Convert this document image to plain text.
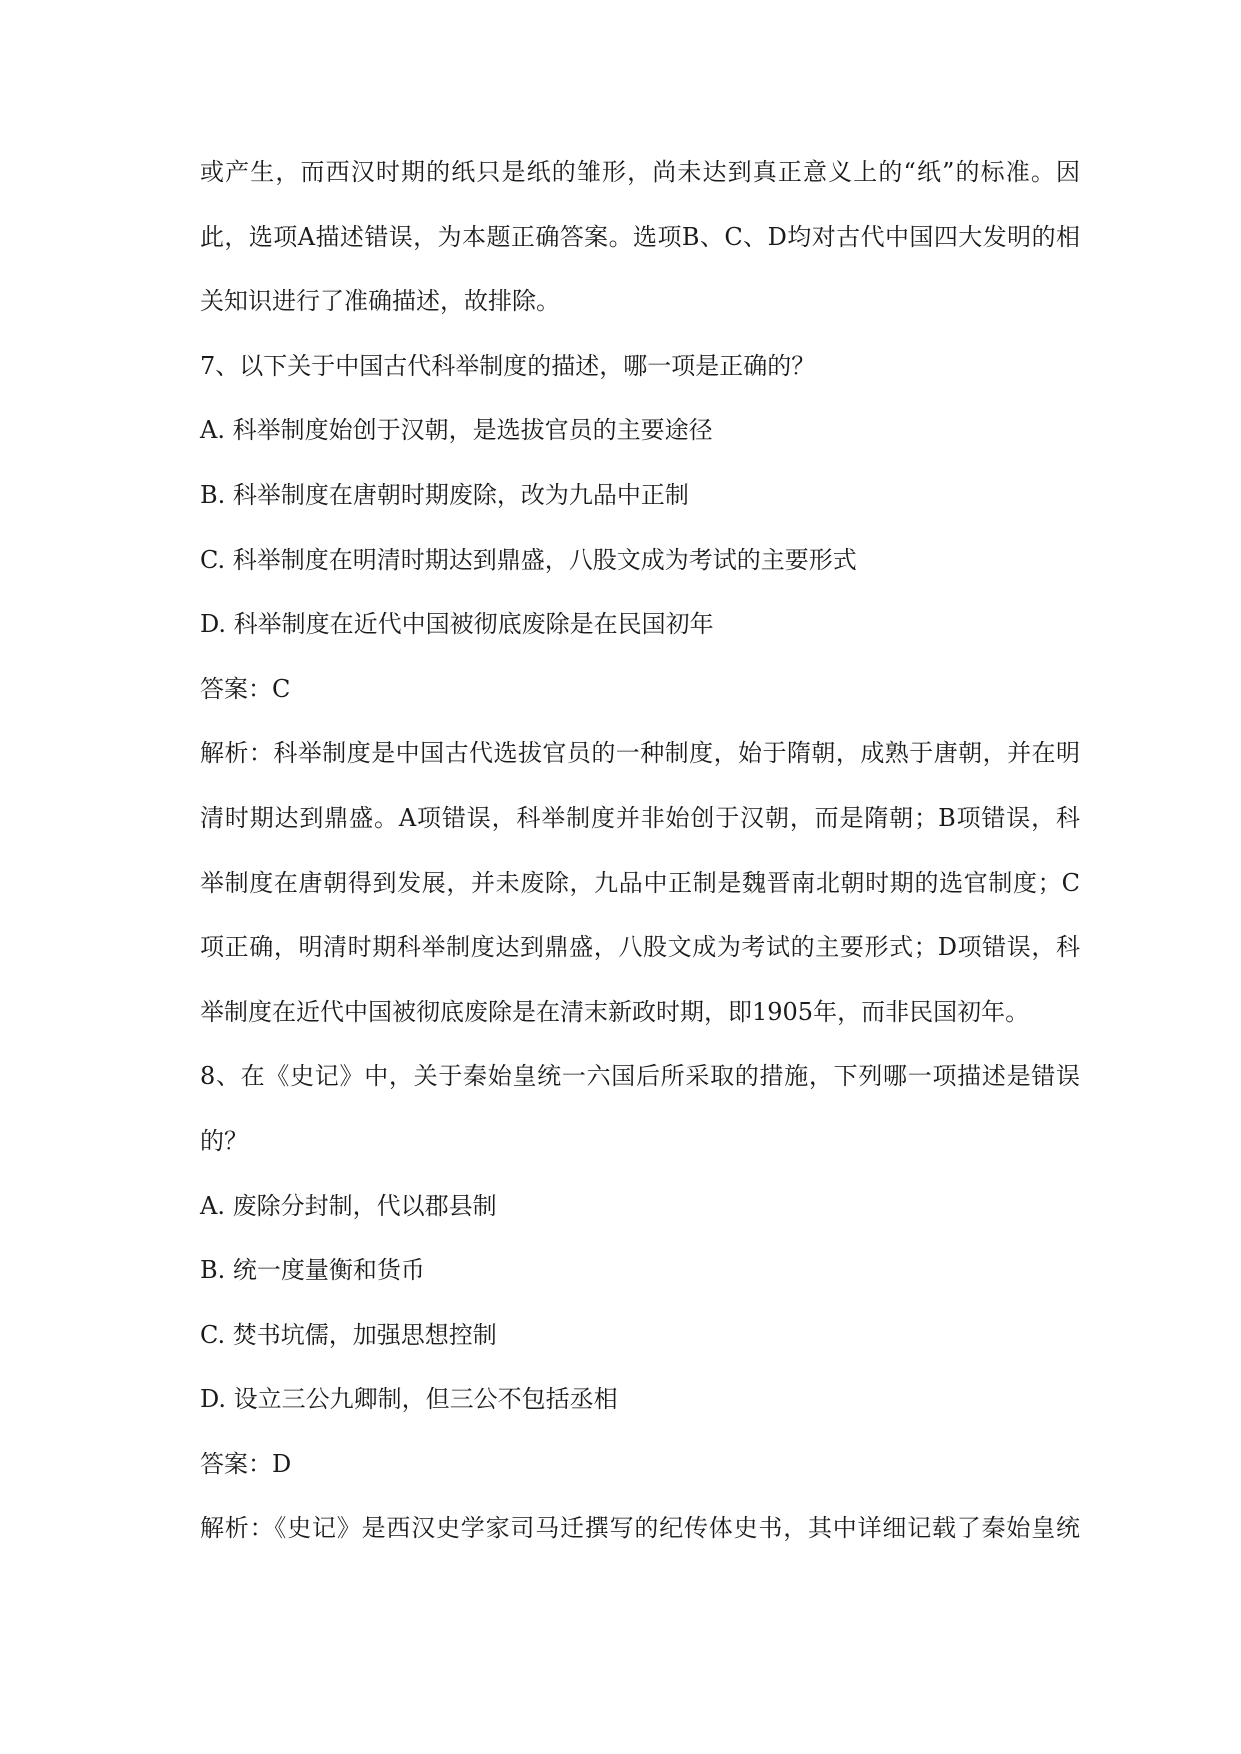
或产生，而西汉时期的纸只是纸的雏形，尚未达到真正意义上的“纸”的标准。因
此，选项A描述错误，为本题正确答案。选项B、C、D均对古代中国四大发明的相
关知识进行了准确描述，故排除。
7、以下关于中国古代科举制度的描述，哪一项是正确的？
A. 科举制度始创于汉朝，是选拔官员的主要途径
B. 科举制度在唐朝时期废除，改为九品中正制
C. 科举制度在明清时期达到鼎盛，八股文成为考试的主要形式
D. 科举制度在近代中国被彻底废除是在民国初年
答案：C
解析：科举制度是中国古代选拔官员的一种制度，始于隋朝，成熟于唐朝，并在明
清时期达到鼎盛。A项错误，科举制度并非始创于汉朝，而是隋朝；B项错误，科
举制度在唐朝得到发展，并未废除，九品中正制是魏晋南北朝时期的选官制度；C
项正确，明清时期科举制度达到鼎盛，八股文成为考试的主要形式；D项错误，科
举制度在近代中国被彻底废除是在清末新政时期，即1905年，而非民国初年。
8、在《史记》中，关于秦始皇统一六国后所采取的措施，下列哪一项描述是错误
的？
A. 废除分封制，代以郡县制
B. 统一度量衡和货币
C. 焚书坑儒，加强思想控制
D. 设立三公九卿制，但三公不包括丞相
答案：D
解析：《史记》是西汉史学家司马迁撰写的纪传体史书，其中详细记载了秦始皇统
